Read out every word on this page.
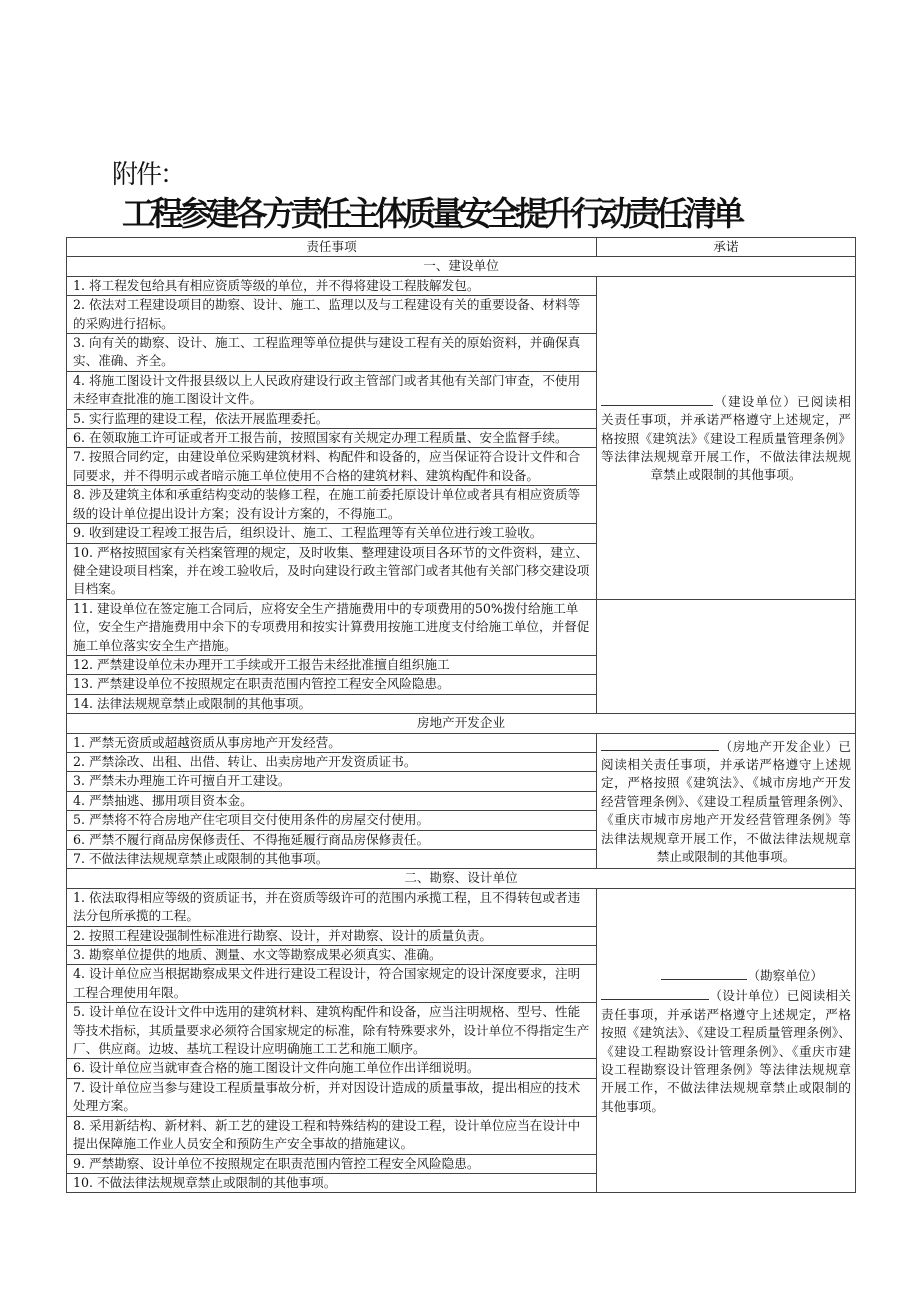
附件：
工程参建各方责任主体质量安全提升行动责任清单
责任事项	承诺
一、建设单位	
1. 将工程发包给具有相应资质等级的单位，并不得将建设工程肢解发包。	（建设单位）已阅读相关责任事项，并承诺严格遵守上述规定，严格按照《建筑法》《建设工程质量管理条例》等法律法规规章开展工作，不做法律法规规章禁止或限制的其他事项。

2. 依法对工程建设项目的勘察、设计、施工、监理以及与工程建设有关的重要设备、材料等的采购进行招标。	
3. 向有关的勘察、设计、施工、工程监理等单位提供与建设工程有关的原始资料，并确保真实、准确、齐全。	
4. 将施工图设计文件报县级以上人民政府建设行政主管部门或者其他有关部门审查，不使用未经审查批准的施工图设计文件。	
5. 实行监理的建设工程，依法开展监理委托。	
6. 在领取施工许可证或者开工报告前，按照国家有关规定办理工程质量、安全监督手续。	
7. 按照合同约定，由建设单位采购建筑材料、构配件和设备的，应当保证符合设计文件和合同要求，并不得明示或者暗示施工单位使用不合格的建筑材料、建筑构配件和设备。	
8. 涉及建筑主体和承重结构变动的装修工程，在施工前委托原设计单位或者具有相应资质等级的设计单位提出设计方案；没有设计方案的，不得施工。	
9. 收到建设工程竣工报告后，组织设计、施工、工程监理等有关单位进行竣工验收。	
10. 严格按照国家有关档案管理的规定，及时收集、整理建设项目各环节的文件资料，建立、健全建设项目档案，并在竣工验收后，及时向建设行政主管部门或者其他有关部门移交建设项目档案。	
11. 建设单位在签定施工合同后，应将安全生产措施费用中的专项费用的50%拨付给施工单位，安全生产措施费用中余下的专项费用和按实计算费用按施工进度支付给施工单位，并督促施工单位落实安全生产措施。	
12. 严禁建设单位未办理开工手续或开工报告未经批准擅自组织施工	
13. 严禁建设单位不按照规定在职责范围内管控工程安全风险隐患。	
14. 法律法规规章禁止或限制的其他事项。	
房地产开发企业	
1. 严禁无资质或超越资质从事房地产开发经营。	（房地产开发企业）已阅读相关责任事项，并承诺严格遵守上述规定，严格按照《建筑法》、《城市房地产开发经营管理条例》、《建设工程质量管理条例》、《重庆市城市房地产开发经营管理条例》等法律法规规章开展工作，不做法律法规规章禁止或限制的其他事项。

2. 严禁涂改、出租、出借、转让、出卖房地产开发资质证书。	
3. 严禁未办理施工许可擅自开工建设。	
4. 严禁抽逃、挪用项目资本金。	
5. 严禁将不符合房地产住宅项目交付使用条件的房屋交付使用。	
6. 严禁不履行商品房保修责任、不得拖延履行商品房保修责任。	
7. 不做法律法规规章禁止或限制的其他事项。	
二、勘察、设计单位	
1. 依法取得相应等级的资质证书，并在资质等级许可的范围内承揽工程，且不得转包或者违法分包所承揽的工程。	（勘察单位）
（设计单位）已阅读相关责任事项，并承诺严格遵守上述规定，严格按照《建筑法》、《建设工程质量管理条例》、《建设工程勘察设计管理条例》、《重庆市建设工程勘察设计管理条例》等法律法规规章开展工作，不做法律法规规章禁止或限制的其他事项。

2. 按照工程建设强制性标准进行勘察、设计，并对勘察、设计的质量负责。	
3. 勘察单位提供的地质、测量、水文等勘察成果必须真实、准确。	
4. 设计单位应当根据勘察成果文件进行建设工程设计，符合国家规定的设计深度要求，注明工程合理使用年限。	
5. 设计单位在设计文件中选用的建筑材料、建筑构配件和设备，应当注明规格、型号、性能等技术指标，其质量要求必须符合国家规定的标准，除有特殊要求外，设计单位不得指定生产厂、供应商。边坡、基坑工程设计应明确施工工艺和施工顺序。	
6. 设计单位应当就审查合格的施工图设计文件向施工单位作出详细说明。	
7. 设计单位应当参与建设工程质量事故分析，并对因设计造成的质量事故，提出相应的技术处理方案。	
8. 采用新结构、新材料、新工艺的建设工程和特殊结构的建设工程，设计单位应当在设计中提出保障施工作业人员安全和预防生产安全事故的措施建议。	
9. 严禁勘察、设计单位不按照规定在职责范围内管控工程安全风险隐患。	
10. 不做法律法规规章禁止或限制的其他事项。	
